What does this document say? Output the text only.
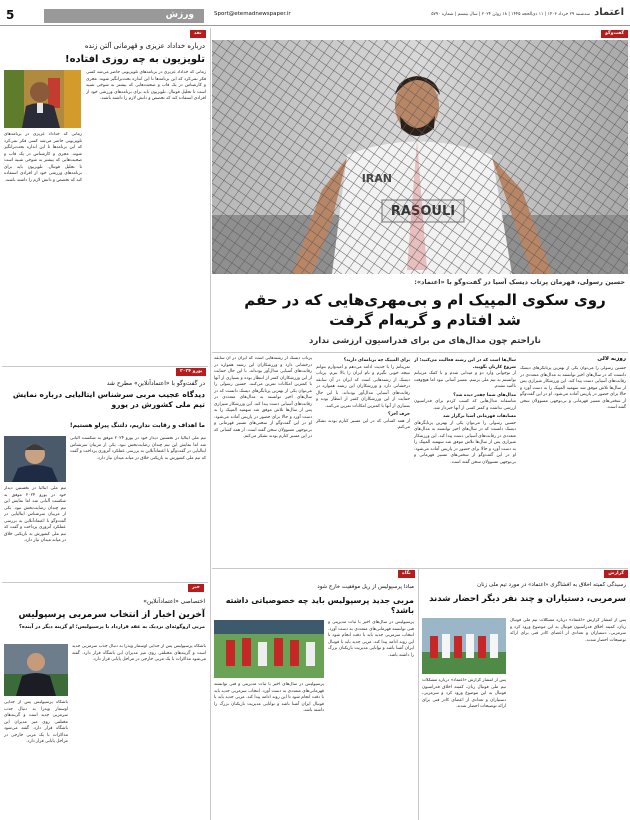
5	ورزش	Sport@etemadnewspaper.ir	سه‌شنبه ۲۹ خرداد ۱۴۰۳ | ۱۱ ذی‌الحجه ۱۴۴۵ | ۱۸ ژوئن ۲۰۲۴ | سال بیستم | شماره ۵۷۹۰ اعتماد
نقد
درباره خداداد عزیزی و قهرمانی آلتن زنده
تلویزیون به چه روزی افتاده!
زمانی که خداداد عزیزی در برنامه‌های تلویزیونی حاضر می‌شد کسی فکر نمی‌کرد که این برنامه‌ها تا این اندازه بحث‌برانگیز شوند. مجری و کارشناس در یک قاب و صحبت‌هایی که بیشتر به شوخی شبیه است تا تحلیل فوتبال. تلویزیون باید برای برنامه‌های ورزشی خود از افرادی استفاده کند که تخصص و دانش لازم را داشته باشند.
زمانی که خداداد عزیزی در برنامه‌های تلویزیونی حاضر می‌شد کسی فکر نمی‌کرد که این برنامه‌ها تا این اندازه بحث‌برانگیز شوند. مجری و کارشناس در یک قاب و صحبت‌هایی که بیشتر به شوخی شبیه است تا تحلیل فوتبال. تلویزیون باید برای برنامه‌های ورزشی خود از افرادی استفاده کند که تخصص و دانش لازم را داشته باشند.
یورو ۲۰۲۴
در گفت‌وگو با «اعتمادآنلاین» مطرح شد
دیدگاه عجیب مربی سرشناس ایتالیایی درباره نمایش تیم ملی کشورش در یورو
ما اهداف و رقابت نداریم، دلتنگ پیرلو هستیم!
تیم ملی ایتالیا در نخستین دیدار خود در یورو ۲۰۲۴ موفق به شکست آلبانی شد اما نمایش این تیم چندان رضایت‌بخش نبود. یکی از مربیان سرشناس ایتالیایی در گفت‌وگو با اعتمادآنلاین به بررسی عملکرد آتزوری پرداخت و گفت که تیم ملی کشورش به بازیکنی خلاق در میانه میدان نیاز دارد.
تیم ملی ایتالیا در نخستین دیدار خود در یورو ۲۰۲۴ موفق به شکست آلبانی شد اما نمایش این تیم چندان رضایت‌بخش نبود. یکی از مربیان سرشناس ایتالیایی در گفت‌وگو با اعتمادآنلاین به بررسی عملکرد آتزوری پرداخت و گفت که تیم ملی کشورش به بازیکنی خلاق در میانه میدان نیاز دارد.
خبر
اختصاصی «اعتمادآنلاین»
آخرین اخبار از انتخاب سرمربی پرسپولیس
مربی اروگوئه‌ای نزدیک به عقد قرارداد با پرسپولیس؛ او گزینه دیگر در آینده؟
باشگاه پرسپولیس پس از جدایی اوسمار ویه‌را به دنبال جذب سرمربی جدید است و گزینه‌های مختلفی روی میز مدیران این باشگاه قرار دارد. گفته می‌شود مذاکرات با یک مربی خارجی در مراحل پایانی قرار دارد.
باشگاه پرسپولیس پس از جدایی اوسمار ویه‌را به دنبال جذب سرمربی جدید است و گزینه‌های مختلفی روی میز مدیران این باشگاه قرار دارد. گفته می‌شود مذاکرات با یک مربی خارجی در مراحل پایانی قرار دارد.
گفت‌وگو
حسین رسولی، قهرمان پرتاب دیسک آسیا در گفت‌وگو با «اعتماد»:
روی سکوی المپیک ام و بی‌مهری‌هایی که در حقم شد افتادم و گریه‌ام گرفت
ناراحتم چون مدال‌های من برای فدراسیون ارزشی ندارد
روزبه لالی
حسین رسولی را می‌توان یکی از بهترین پرتابگرهای دیسک دانست که در سال‌های اخیر توانسته به مدال‌های متعددی در رقابت‌های آسیایی دست پیدا کند. این ورزشکار شیرازی پس از سال‌ها تلاش موفق شد سهمیه المپیک را به دست آورد و حالا برای حضور در پاریس آماده می‌شود. او در این گفت‌وگو از سختی‌های مسیر قهرمانی و بی‌توجهی مسوولان سخن گفته است.
سال‌ها است که در این رشته فعالیت می‌کنید؛ از شروع کارتان بگویید.
از نوجوانی وارد دو و میدانی شدم و با کمک مربیانم توانستم به تیم ملی برسم. مسیر آسانی نبود اما هیچ‌وقت ناامید نشدم.
مدال‌های شما چقدر دیده شد؟
متاسفانه مدال‌هایی که کسب کردم برای فدراسیون ارزشی نداشت و کمتر کسی از آنها خبردار شد.
مسابقات قهرمانی آسیا برگزار شد
حسین رسولی را می‌توان یکی از بهترین پرتابگرهای دیسک دانست که در سال‌های اخیر توانسته به مدال‌های متعددی در رقابت‌های آسیایی دست پیدا کند. این ورزشکار شیرازی پس از سال‌ها تلاش موفق شد سهمیه المپیک را به دست آورد و حالا برای حضور در پاریس آماده می‌شود. او در این گفت‌وگو از سختی‌های مسیر قهرمانی و بی‌توجهی مسوولان سخن گفته است.
برای المپیک چه برنامه‌ای دارید؟
تمریناتم را با جدیت ادامه می‌دهم و امیدوارم بتوانم نتیجه خوبی بگیرم و نام ایران را بالا ببرم. پرتاب دیسک از رشته‌هایی است که ایران در آن سابقه درخشانی دارد و ورزشکاران این رشته همواره در رقابت‌های آسیایی مدال‌آور بوده‌اند. با این حال حمایت از این ورزشکاران کمتر از انتظار بوده و بسیاری از آنها با کمترین امکانات تمرین می‌کنند.
حرف آخر؟
از همه کسانی که در این مسیر کنارم بودند تشکر می‌کنم.
پرتاب دیسک از رشته‌هایی است که ایران در آن سابقه درخشانی دارد و ورزشکاران این رشته همواره در رقابت‌های آسیایی مدال‌آور بوده‌اند. با این حال حمایت از این ورزشکاران کمتر از انتظار بوده و بسیاری از آنها با کمترین امکانات تمرین می‌کنند. حسین رسولی را می‌توان یکی از بهترین پرتابگرهای دیسک دانست که در سال‌های اخیر توانسته به مدال‌های متعددی در رقابت‌های آسیایی دست پیدا کند. این ورزشکار شیرازی پس از سال‌ها تلاش موفق شد سهمیه المپیک را به دست آورد و حالا برای حضور در پاریس آماده می‌شود. او در این گفت‌وگو از سختی‌های مسیر قهرمانی و بی‌توجهی مسوولان سخن گفته است. از همه کسانی که در این مسیر کنارم بودند تشکر می‌کنم.
گزارش
رسیدگی کمیته اخلاق به افشاگری «اعتماد» در مورد تیم ملی زنان
سرمربی، دستیاران و چند نفر دیگر احضار شدند
پس از انتشار گزارش «اعتماد» درباره مشکلات تیم ملی فوتبال زنان، کمیته اخلاق فدراسیون فوتبال به این موضوع ورود کرد و سرمربی، دستیاران و تعدادی از اعضای کادر فنی برای ارائه توضیحات احضار شدند.
پس از انتشار گزارش «اعتماد» درباره مشکلات تیم ملی فوتبال زنان، کمیته اخلاق فدراسیون فوتبال به این موضوع ورود کرد و سرمربی، دستیاران و تعدادی از اعضای کادر فنی برای ارائه توضیحات احضار شدند.
نگاه
مبادا پرسپولیس از ریل موفقیت خارج شود
مربی جدید پرسپولیس باید چه خصوصیاتی داشته باشد؟
پرسپولیس در سال‌های اخیر با ثبات مدیریتی و فنی توانسته قهرمانی‌های متعددی به دست آورد. انتخاب سرمربی جدید باید با دقت انجام شود تا این روند ادامه پیدا کند. مربی جدید باید با فوتبال ایران آشنا باشد و توانایی مدیریت بازیکنان بزرگ را داشته باشد.
پرسپولیس در سال‌های اخیر با ثبات مدیریتی و فنی توانسته قهرمانی‌های متعددی به دست آورد. انتخاب سرمربی جدید باید با دقت انجام شود تا این روند ادامه پیدا کند. مربی جدید باید با فوتبال ایران آشنا باشد و توانایی مدیریت بازیکنان بزرگ را داشته باشد.
